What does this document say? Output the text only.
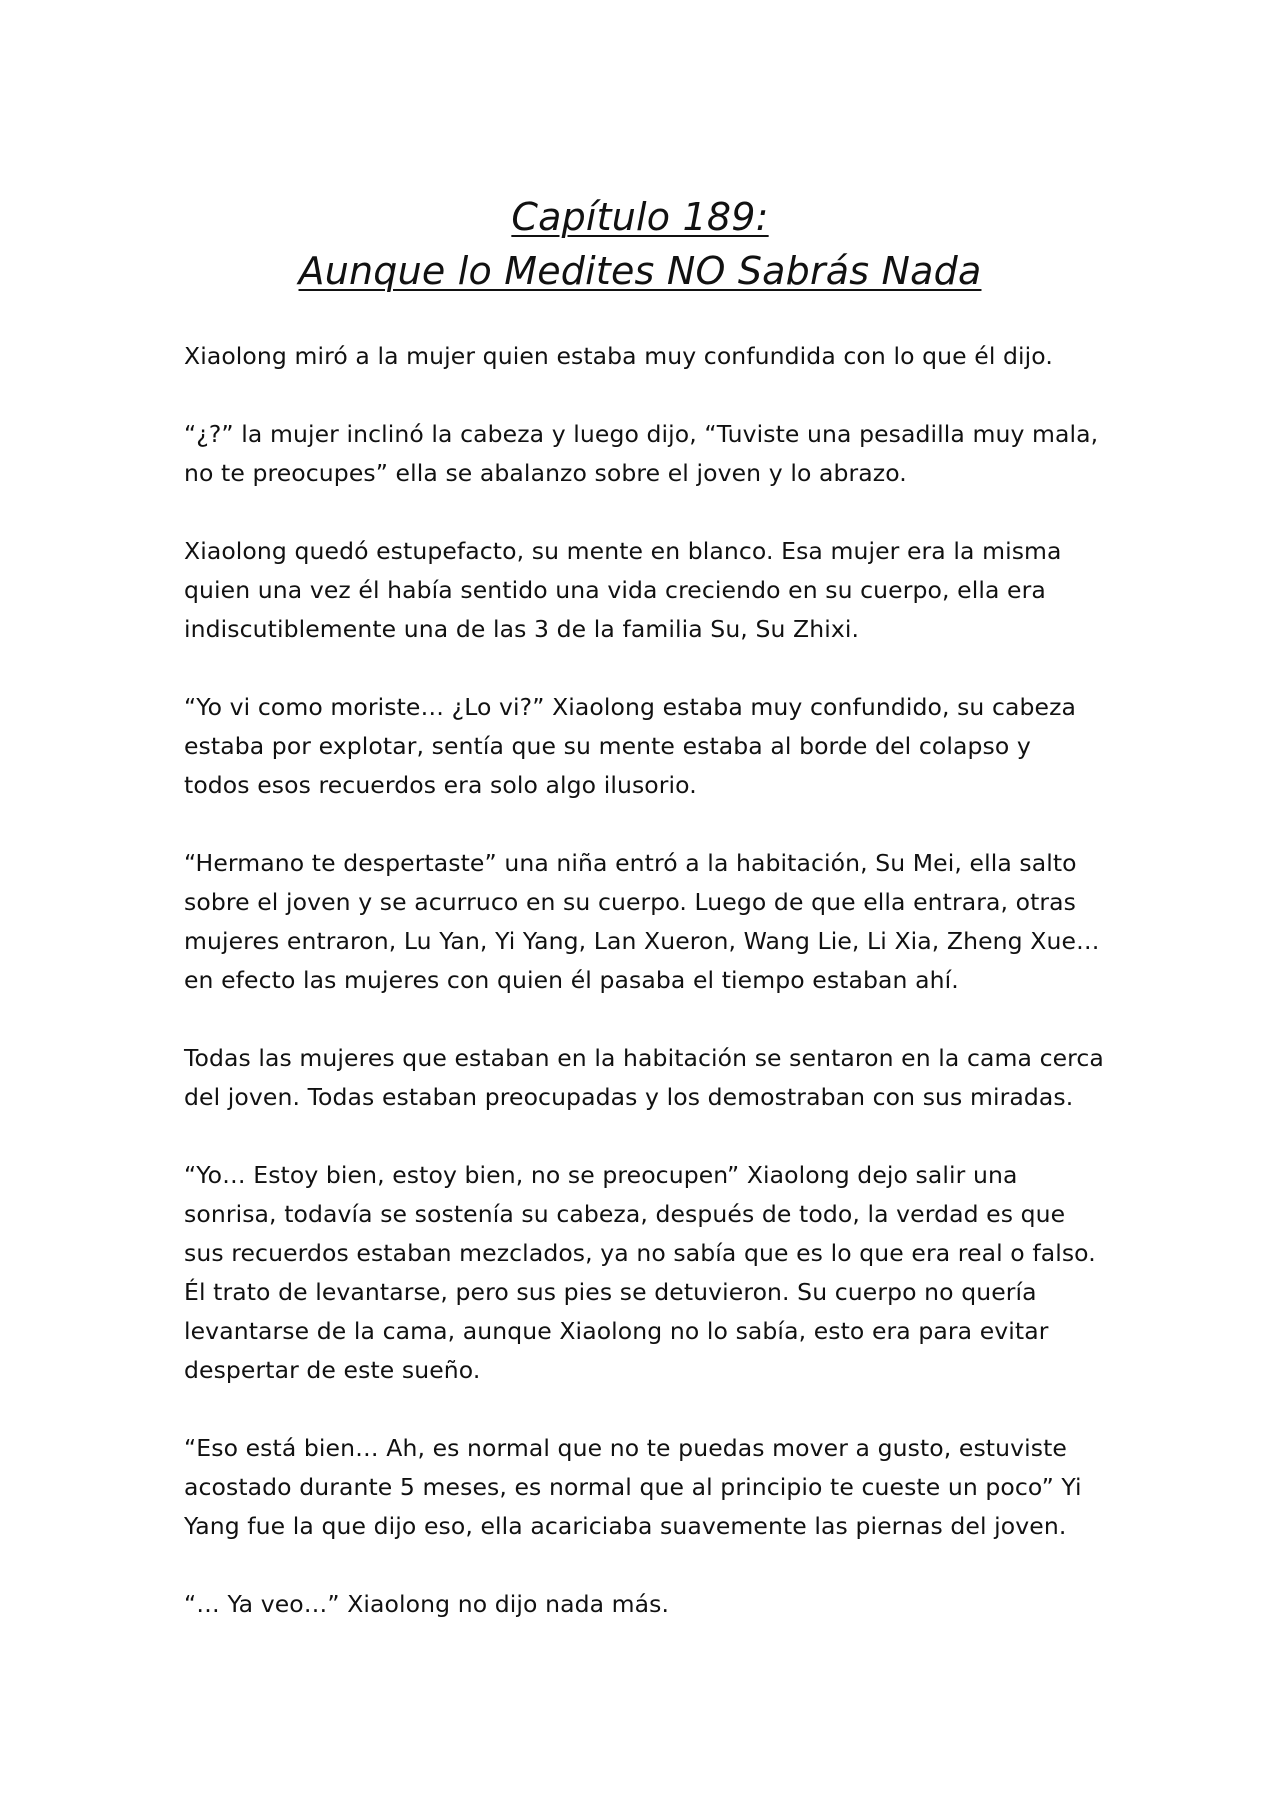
Capítulo 189:
Aunque lo Medites NO Sabrás Nada

Xiaolong miró a la mujer quien estaba muy confundida con lo que él dijo.

“¿?” la mujer inclinó la cabeza y luego dijo, “Tuviste una pesadilla muy mala, no te preocupes” ella se abalanzo sobre el joven y lo abrazo.

Xiaolong quedó estupefacto, su mente en blanco. Esa mujer era la misma quien una vez él había sentido una vida creciendo en su cuerpo, ella era indiscutiblemente una de las 3 de la familia Su, Su Zhixi.

“Yo vi como moriste… ¿Lo vi?” Xiaolong estaba muy confundido, su cabeza estaba por explotar, sentía que su mente estaba al borde del colapso y todos esos recuerdos era solo algo ilusorio.

“Hermano te despertaste” una niña entró a la habitación, Su Mei, ella salto sobre el joven y se acurruco en su cuerpo. Luego de que ella entrara, otras mujeres entraron, Lu Yan, Yi Yang, Lan Xueron, Wang Lie, Li Xia, Zheng Xue… en efecto las mujeres con quien él pasaba el tiempo estaban ahí.

Todas las mujeres que estaban en la habitación se sentaron en la cama cerca del joven. Todas estaban preocupadas y los demostraban con sus miradas.

“Yo… Estoy bien, estoy bien, no se preocupen” Xiaolong dejo salir una sonrisa, todavía se sostenía su cabeza, después de todo, la verdad es que sus recuerdos estaban mezclados, ya no sabía que es lo que era real o falso. Él trato de levantarse, pero sus pies se detuvieron. Su cuerpo no quería levantarse de la cama, aunque Xiaolong no lo sabía, esto era para evitar despertar de este sueño.

“Eso está bien… Ah, es normal que no te puedas mover a gusto, estuviste acostado durante 5 meses, es normal que al principio te cueste un poco” Yi Yang fue la que dijo eso, ella acariciaba suavemente las piernas del joven.

“… Ya veo…” Xiaolong no dijo nada más.
